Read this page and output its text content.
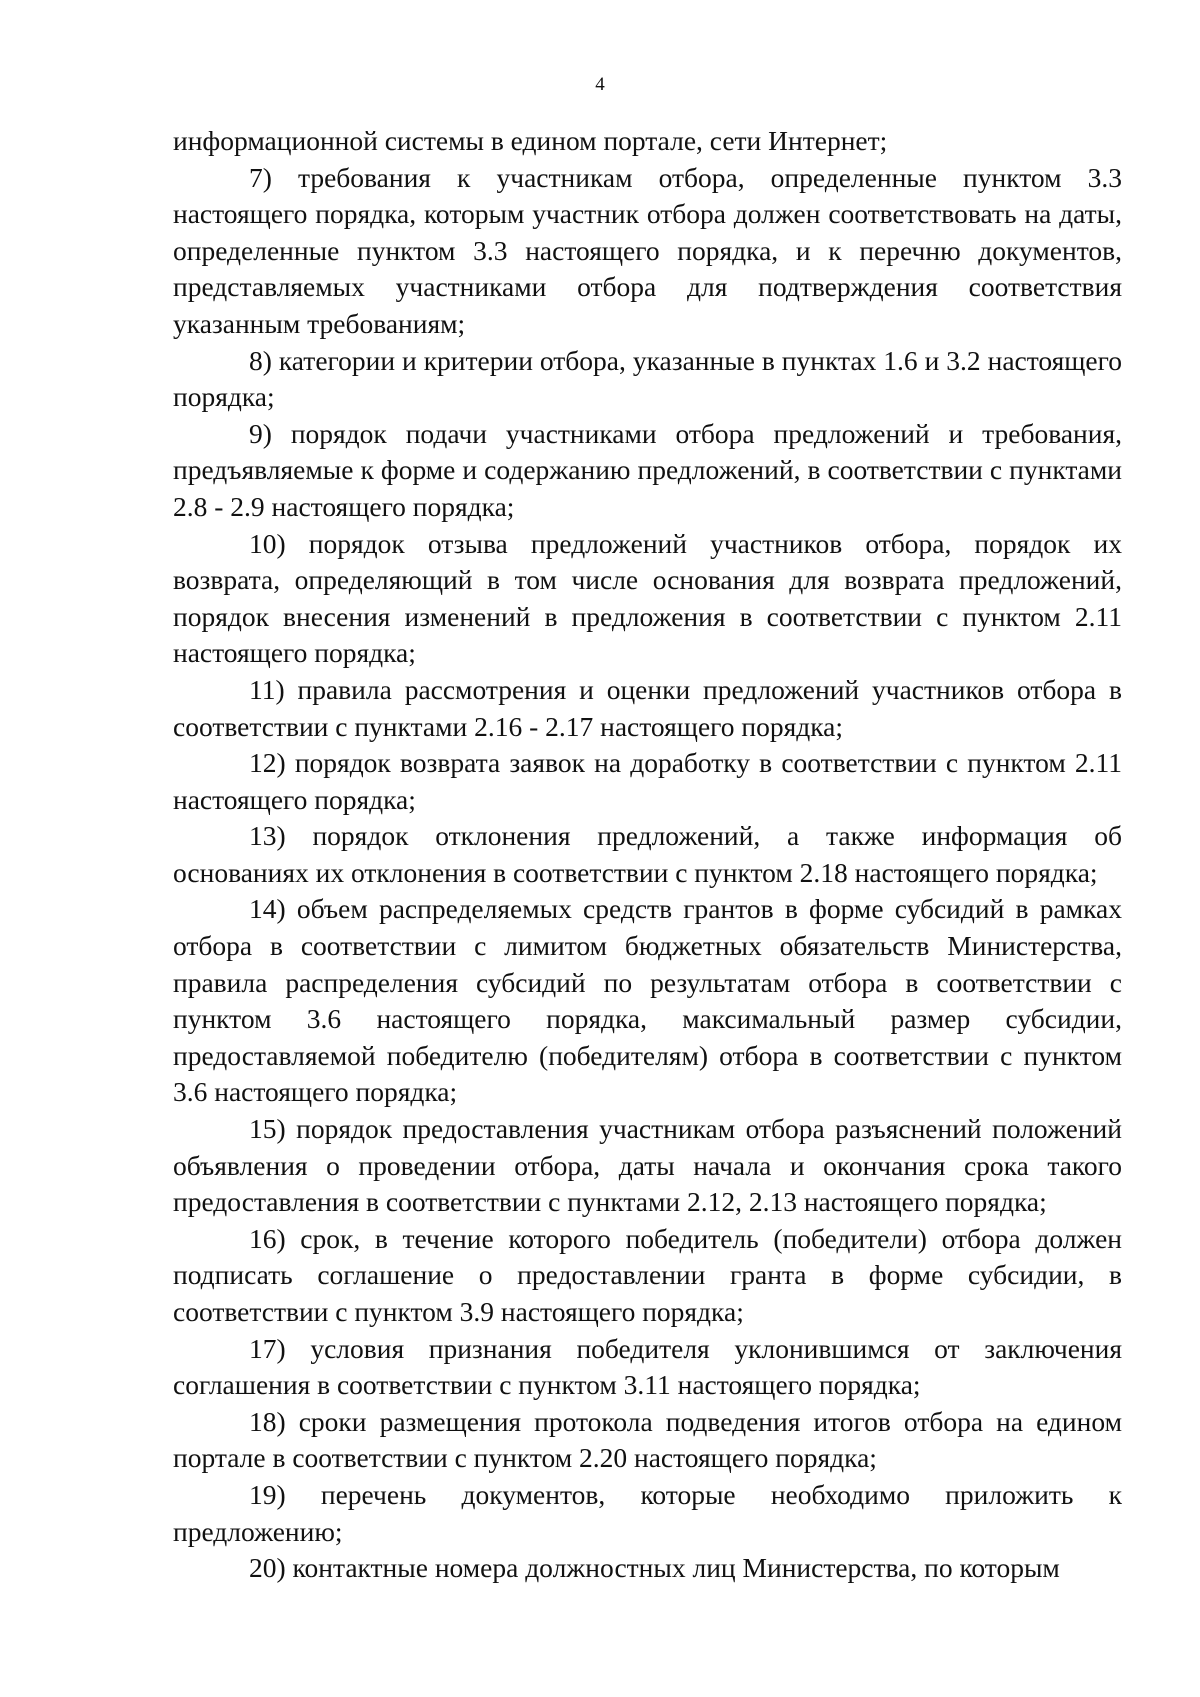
4

информационной системы в едином портале, сети Интернет;

7) требования к участникам отбора, определенные пунктом 3.3 настоящего порядка, которым участник отбора должен соответствовать на даты, определенные пунктом 3.3 настоящего порядка, и к перечню документов, представляемых участниками отбора для подтверждения соответствия указанным требованиям;

8) категории и критерии отбора, указанные в пунктах 1.6 и 3.2 настоящего порядка;

9) порядок подачи участниками отбора предложений и требования, предъявляемые к форме и содержанию предложений, в соответствии с пунктами 2.8 - 2.9 настоящего порядка;

10) порядок отзыва предложений участников отбора, порядок их возврата, определяющий в том числе основания для возврата предложений, порядок внесения изменений в предложения в соответствии с пунктом 2.11 настоящего порядка;

11) правила рассмотрения и оценки предложений участников отбора в соответствии с пунктами 2.16 - 2.17 настоящего порядка;

12) порядок возврата заявок на доработку в соответствии с пунктом 2.11 настоящего порядка;

13) порядок отклонения предложений, а также информация об основаниях их отклонения в соответствии с пунктом 2.18 настоящего порядка;

14) объем распределяемых средств грантов в форме субсидий в рамках отбора в соответствии с лимитом бюджетных обязательств Министерства, правила распределения субсидий по результатам отбора в соответствии с пунктом 3.6 настоящего порядка, максимальный размер субсидии, предоставляемой победителю (победителям) отбора в соответствии с пунктом 3.6 настоящего порядка;

15) порядок предоставления участникам отбора разъяснений положений объявления о проведении отбора, даты начала и окончания срока такого предоставления в соответствии с пунктами 2.12, 2.13 настоящего порядка;

16) срок, в течение которого победитель (победители) отбора должен подписать соглашение о предоставлении гранта в форме субсидии, в соответствии с пунктом 3.9 настоящего порядка;

17) условия признания победителя уклонившимся от заключения соглашения в соответствии с пунктом 3.11 настоящего порядка;

18) сроки размещения протокола подведения итогов отбора на едином портале в соответствии с пунктом 2.20 настоящего порядка;

19) перечень документов, которые необходимо приложить к предложению;

20) контактные номера должностных лиц Министерства, по которым
